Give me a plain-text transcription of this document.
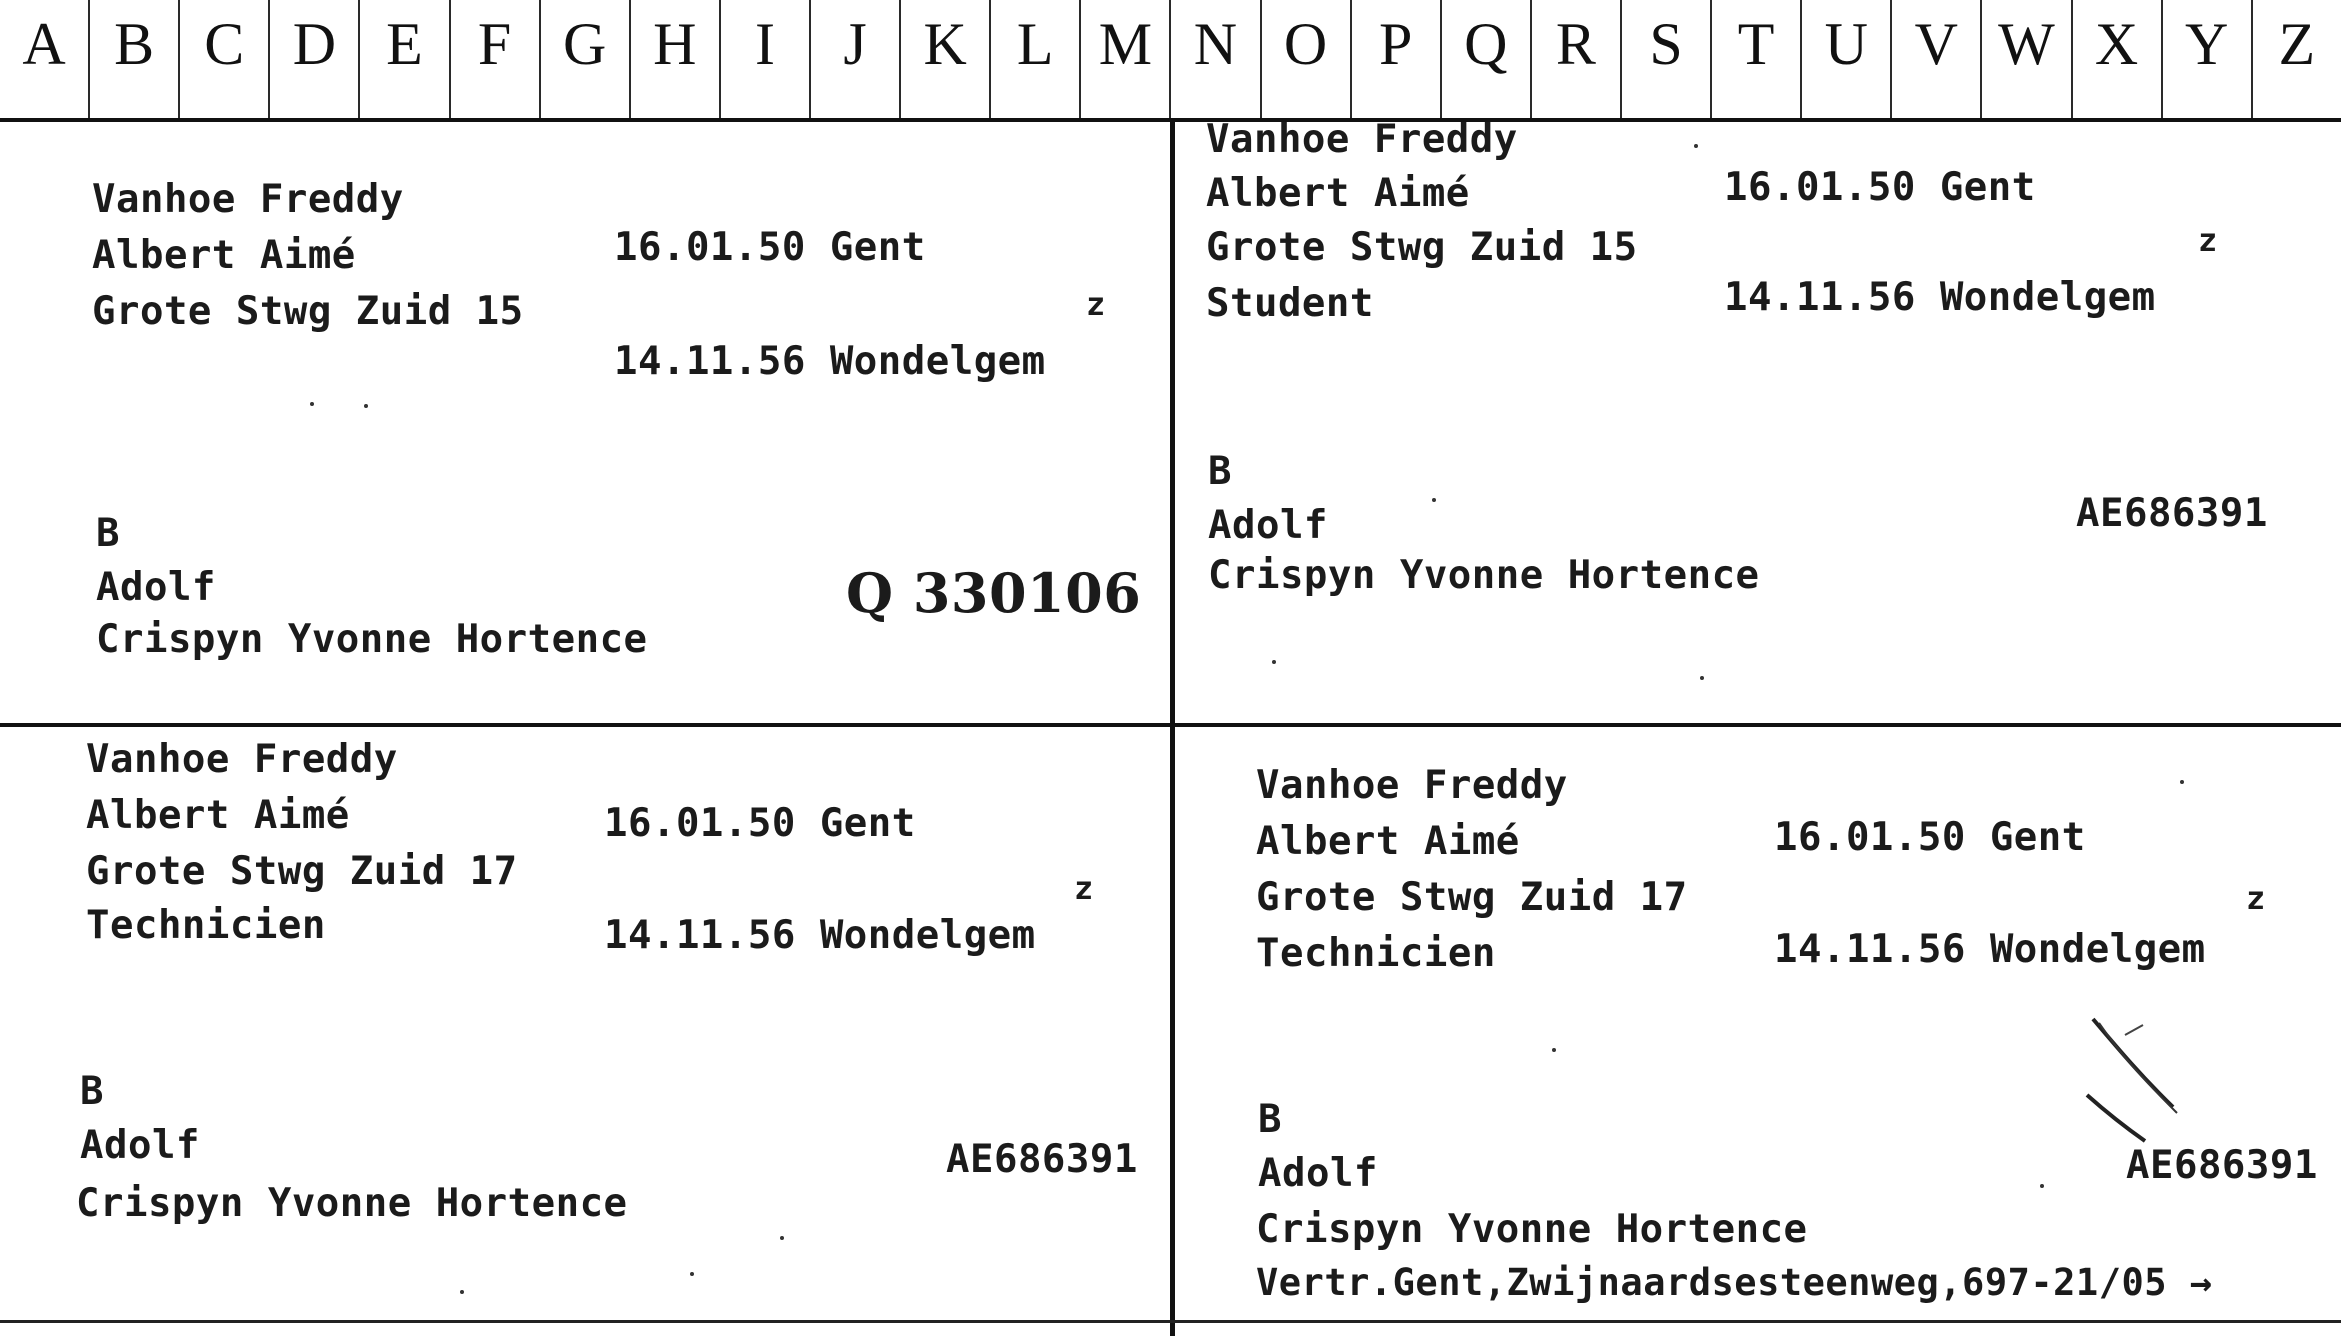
A B C D E F G H I	J K L M N O P Q R S T U V W X Y Z
Vanhoe Freddy
Albert Aimé	16.01.50 Gent
Grote Stwg Zuid 15	z
14.11.56 Wondelgem
B
Adolf	Q 330106
Crispyn Yvonne Hortence
Vanhoe Freddy
Albert Aimé	16.01.50 Gent
Grote Stwg Zuid 15	z
Student	14.11.56 Wondelgem
B
Adolf	AE686391
Crispyn Yvonne Hortence
Vanhoe Freddy
Albert Aimé	16.01.50 Gent
Grote Stwg Zuid 17	z
Technicien	14.11.56 Wondelgem
B
Adolf	AE686391
Crispyn Yvonne Hortence
Vanhoe Freddy
Albert Aimé	16.01.50 Gent
Grote Stwg Zuid 17	z
Technicien	14.11.56 Wondelgem
B
Adolf	AE686391
Crispyn Yvonne Hortence
Vertr.Gent,Zwijnaardsesteenweg,697-21/05 →
